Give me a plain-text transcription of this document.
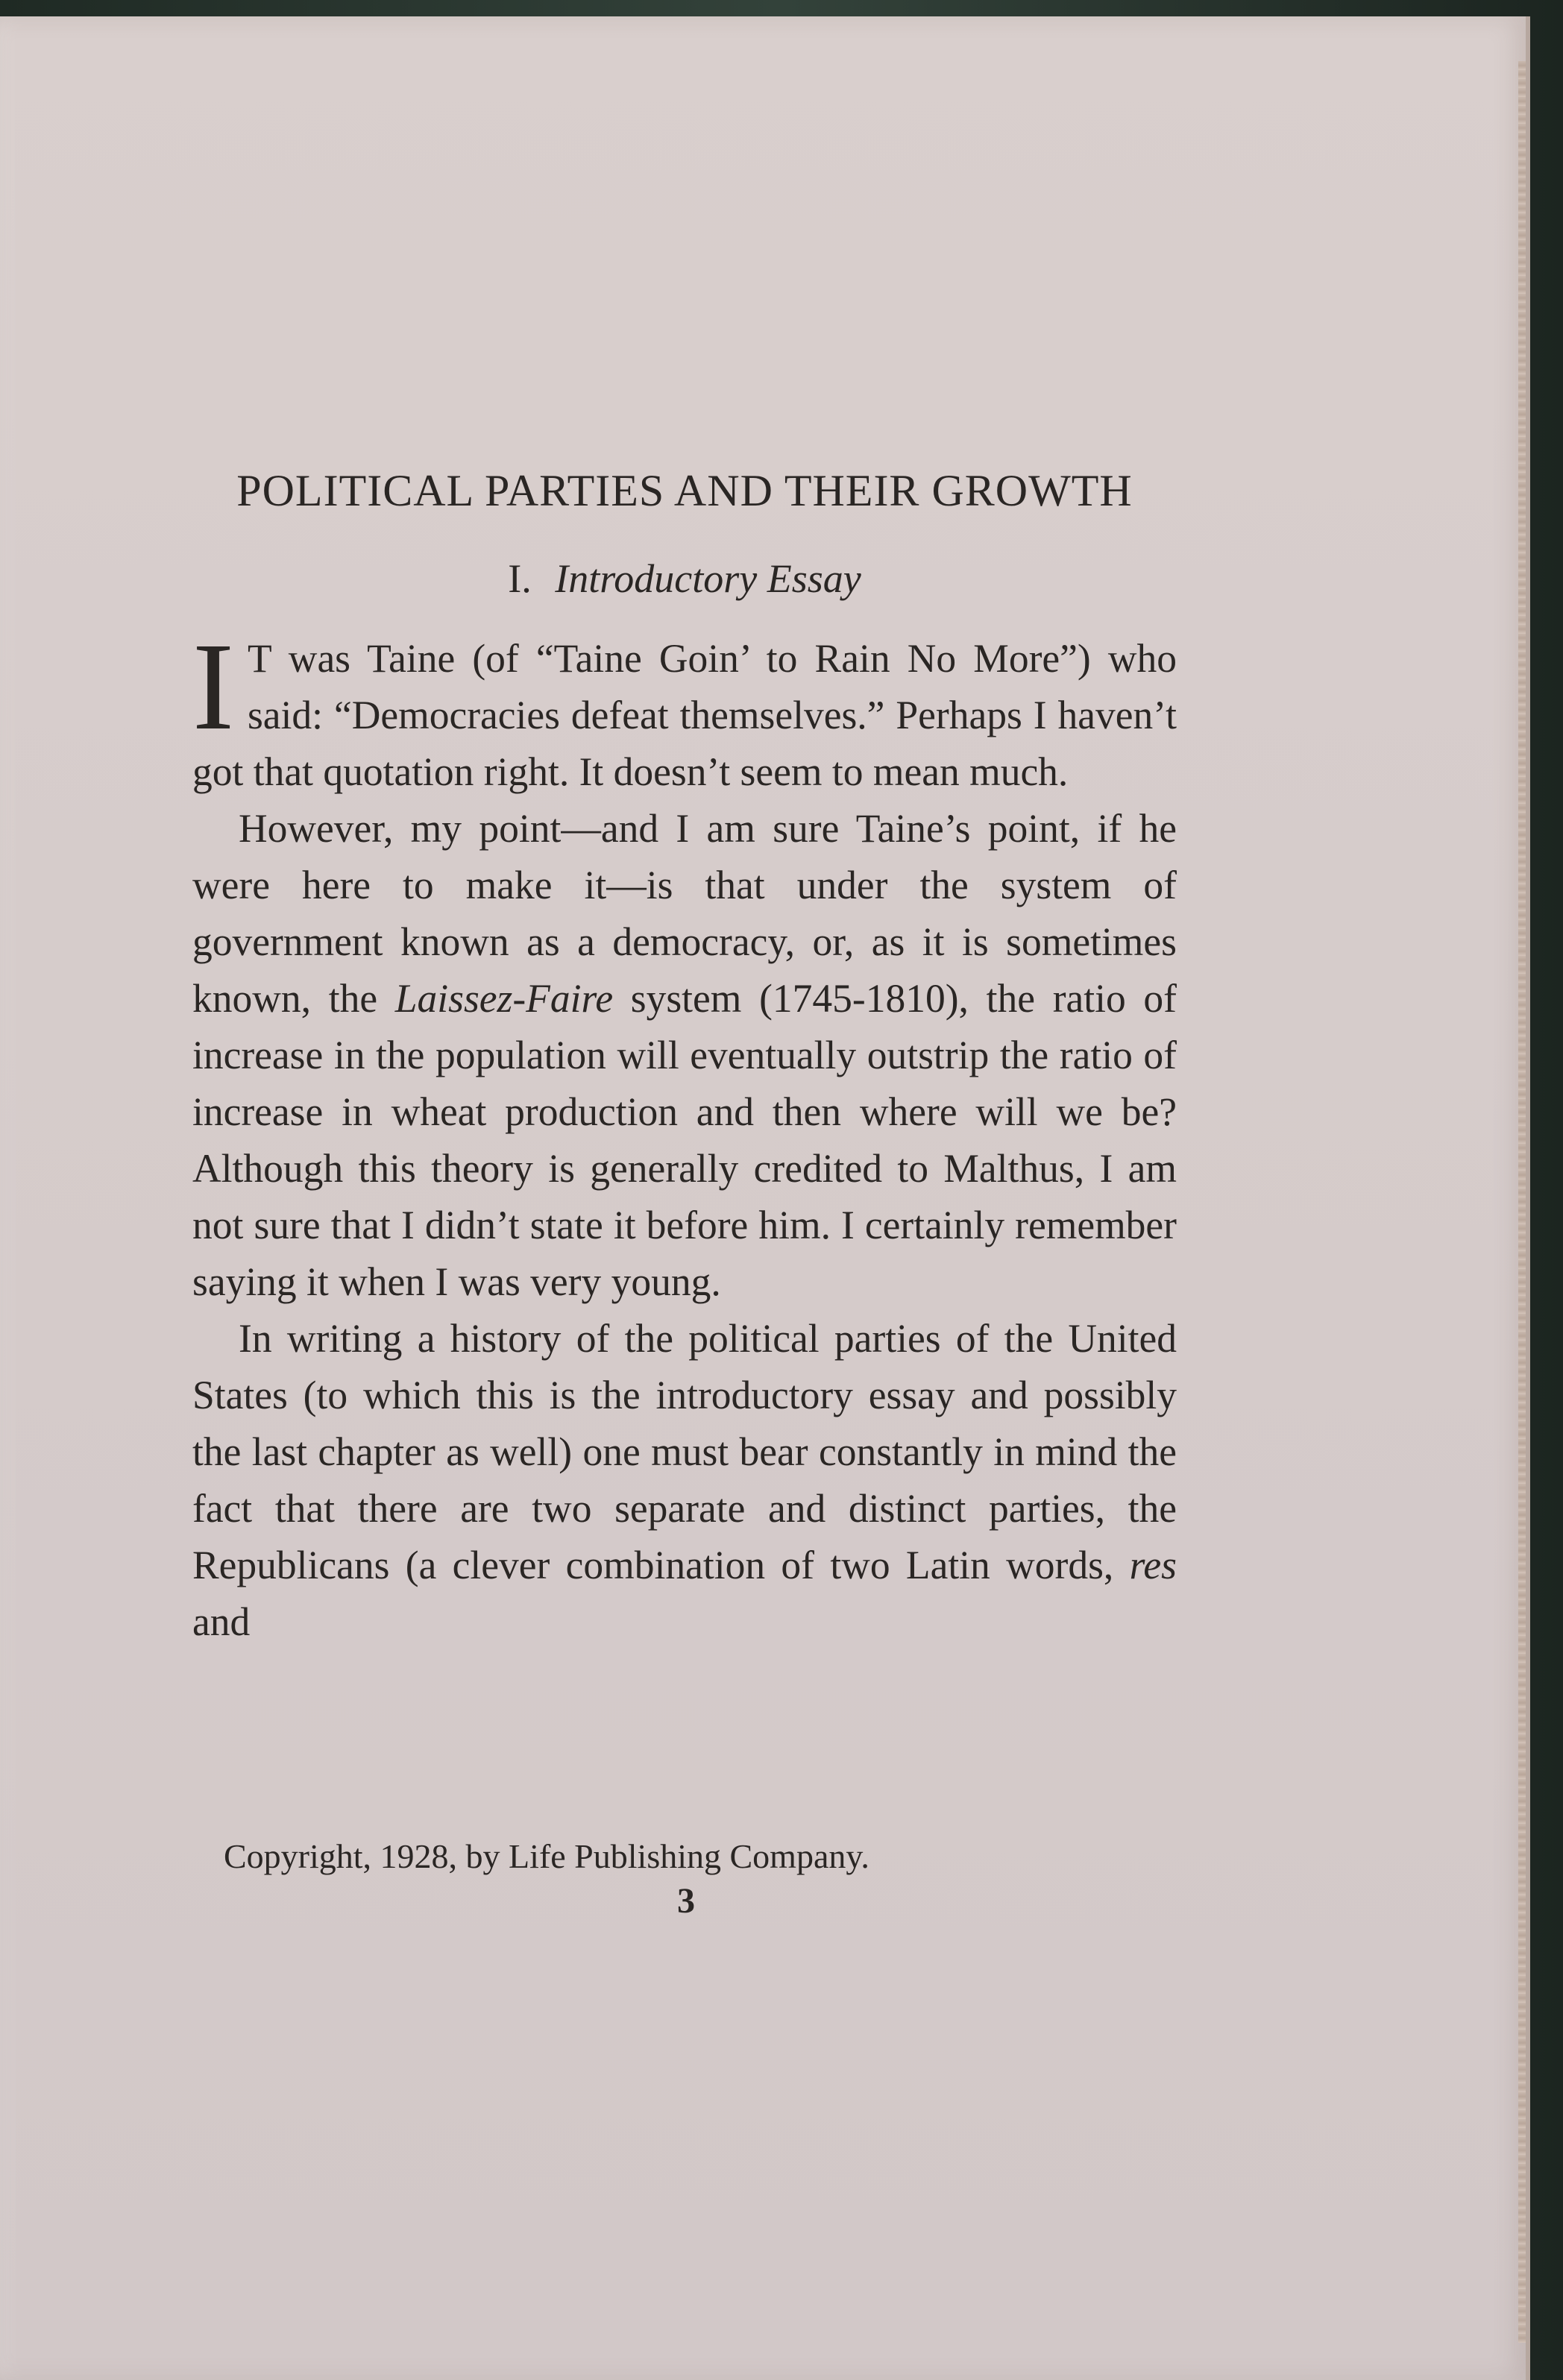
POLITICAL PARTIES AND THEIR GROWTH
I. Introductory Essay

I T was Taine (of “Taine Goin’ to Rain No More”) who said: “Democracies defeat themselves.” Perhaps I haven’t got that quotation right. It doesn’t seem to mean much.

However, my point—and I am sure Taine’s point, if he were here to make it—is that under the system of government known as a democracy, or, as it is sometimes known, the Laissez-Faire system (1745-1810), the ratio of increase in the population will eventually outstrip the ratio of increase in wheat production and then where will we be? Although this theory is generally credited to Malthus, I am not sure that I didn’t state it before him. I certainly remember saying it when I was very young.

In writing a history of the political parties of the United States (to which this is the introductory essay and possibly the last chapter as well) one must bear constantly in mind the fact that there are two separate and distinct parties, the Republicans (a clever combination of two Latin words, res and

Copyright, 1928, by Life Publishing Company.
3
